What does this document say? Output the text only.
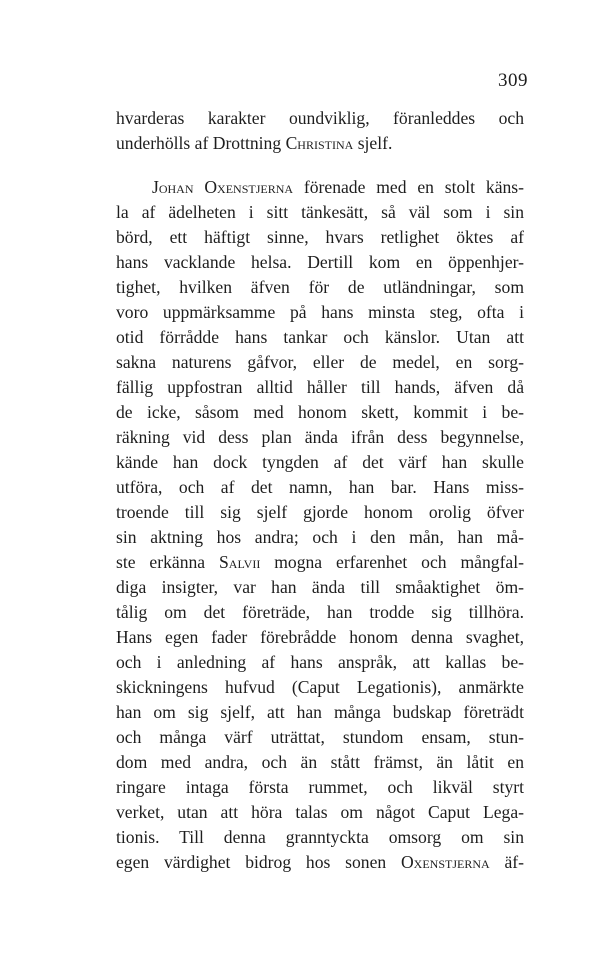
309
hvarderas karakter oundviklig, föranleddes och
underhölls af Drottning Christina sjelf.
Johan Oxenstjerna förenade med en stolt käns-
la af ädelheten i sitt tänkesätt, så väl som i sin
börd, ett häftigt sinne, hvars retlighet öktes af
hans vacklande helsa. Dertill kom en öppenhjer-
tighet, hvilken äfven för de utländningar, som
voro uppmärksamme på hans minsta steg, ofta i
otid förrådde hans tankar och känslor. Utan att
sakna naturens gåfvor, eller de medel, en sorg-
fällig uppfostran alltid håller till hands, äfven då
de icke, såsom med honom skett, kommit i be-
räkning vid dess plan ända ifrån dess begynnelse,
kände han dock tyngden af det värf han skulle
utföra, och af det namn, han bar. Hans miss-
troende till sig sjelf gjorde honom orolig öfver
sin aktning hos andra; och i den mån, han må-
ste erkänna Salvii mogna erfarenhet och mångfal-
diga insigter, var han ända till småaktighet öm-
tålig om det företräde, han trodde sig tillhöra.
Hans egen fader förebrådde honom denna svaghet,
och i anledning af hans anspråk, att kallas be-
skickningens hufvud (Caput Legationis), anmärkte
han om sig sjelf, att han många budskap företrädt
och många värf uträttat, stundom ensam, stun-
dom med andra, och än stått främst, än låtit en
ringare intaga första rummet, och likväl styrt
verket, utan att höra talas om något Caput Lega-
tionis. Till denna granntyckta omsorg om sin
egen värdighet bidrog hos sonen Oxenstjerna äf-
